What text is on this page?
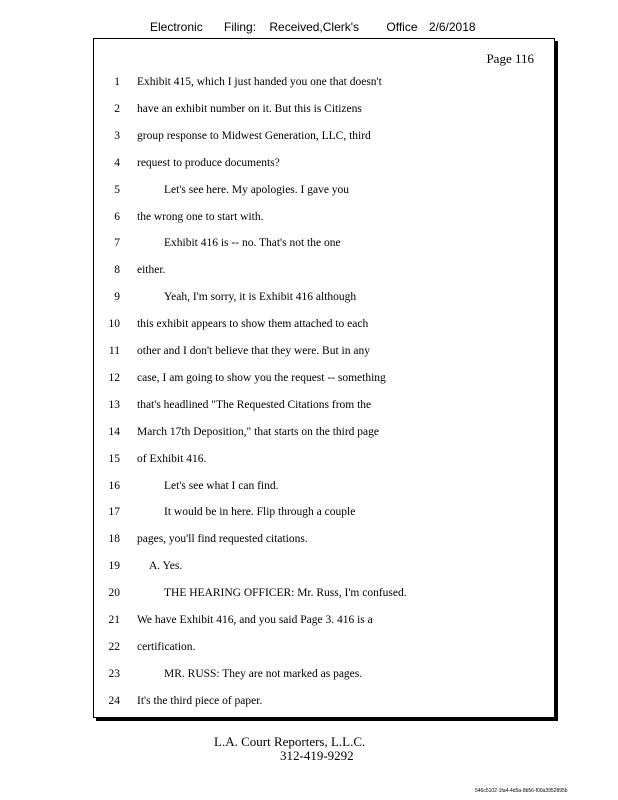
Electronic Filing: Received,Clerk's Office 2/6/2018
Page 116
1 Exhibit 415, which I just handed you one that doesn't
2 have an exhibit number on it. But this is Citizens
3 group response to Midwest Generation, LLC, third
4 request to produce documents?
5	Let's see here. My apologies. I gave you
6 the wrong one to start with.
7	Exhibit 416 is -- no. That's not the one
8 either.
9	Yeah, I'm sorry, it is Exhibit 416 although
10 this exhibit appears to show them attached to each
11 other and I don't believe that they were. But in any
12 case, I am going to show you the request -- something
13 that's headlined "The Requested Citations from the
14 March 17th Deposition," that starts on the third page
15 of Exhibit 416.
16	Let's see what I can find.
17	It would be in here. Flip through a couple
18 pages, you'll find requested citations.
19	A. Yes.
20	THE HEARING OFFICER: Mr. Russ, I'm confused.
21 We have Exhibit 416, and you said Page 3. 416 is a
22 certification.
23	MR. RUSS: They are not marked as pages.
24 It's the third piece of paper.
L.A. Court Reporters, L.L.C.
312-419-9292
546c5102-1fa4-4d5a-8b56-f00a3952895b
